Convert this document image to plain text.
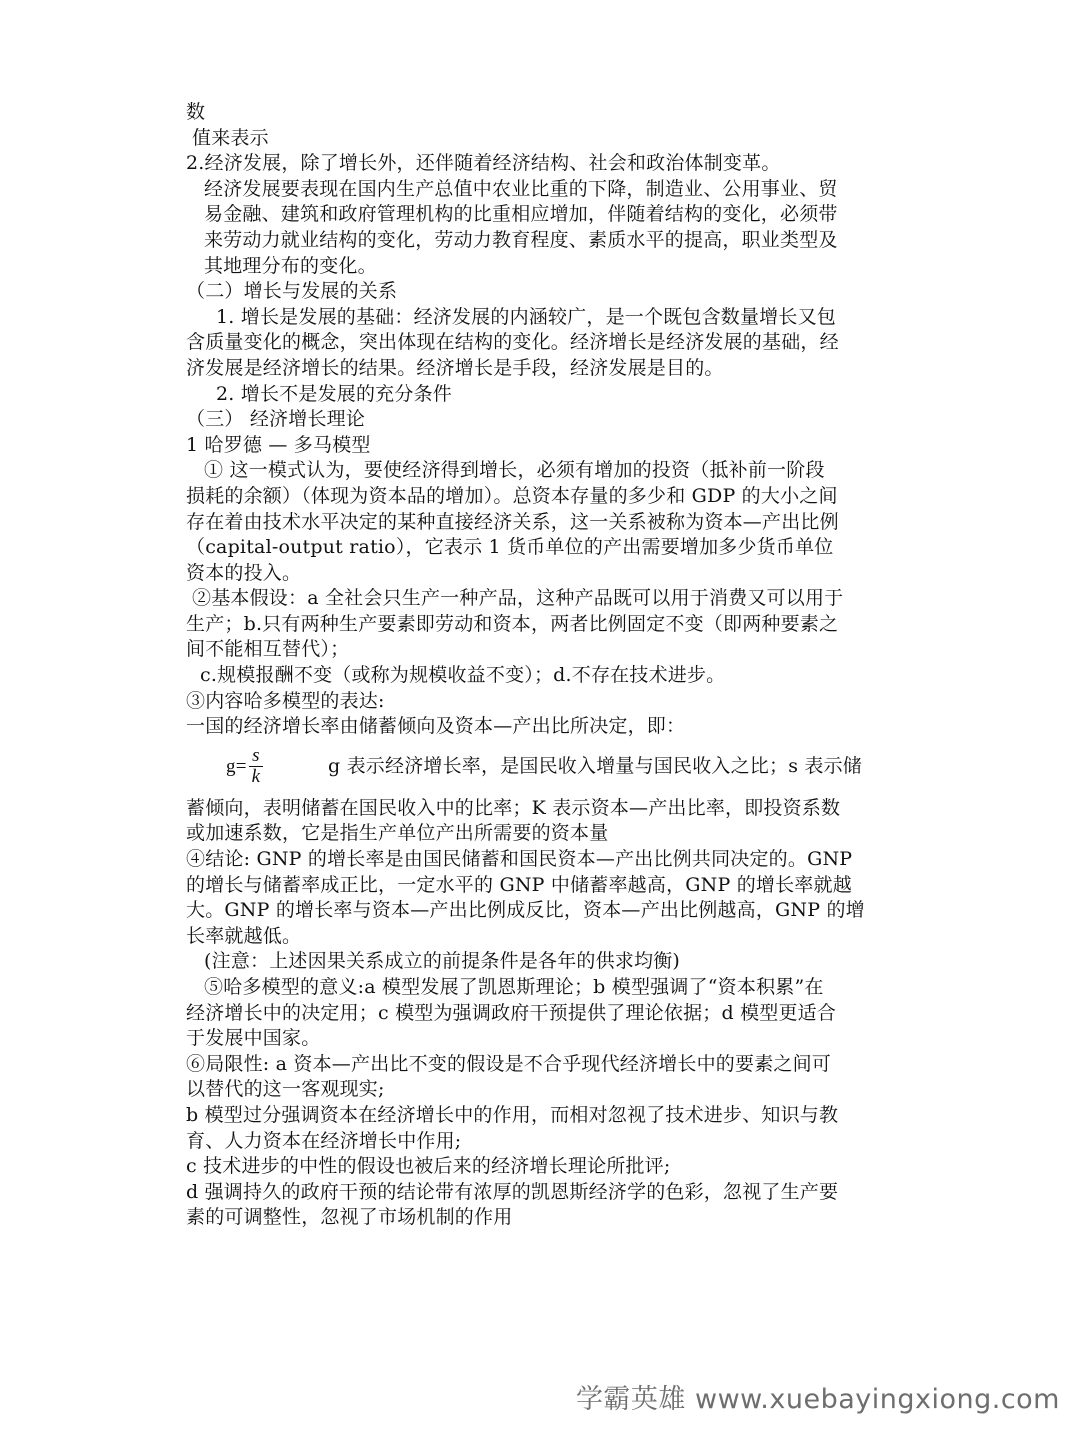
数
值来表示
2.经济发展，除了增长外，还伴随着经济结构、社会和政治体制变革。
经济发展要表现在国内生产总值中农业比重的下降，制造业、公用事业、贸
易金融、建筑和政府管理机构的比重相应增加，伴随着结构的变化，必须带
来劳动力就业结构的变化，劳动力教育程度、素质水平的提高，职业类型及
其地理分布的变化。
（二）增长与发展的关系
1. 增长是发展的基础：经济发展的内涵较广，是一个既包含数量增长又包
含质量变化的概念，突出体现在结构的变化。经济增长是经济发展的基础，经
济发展是经济增长的结果。经济增长是手段，经济发展是目的。
2. 增长不是发展的充分条件
（三） 经济增长理论
1 哈罗德 — 多马模型
① 这一模式认为，要使经济得到增长，必须有增加的投资（抵补前一阶段
损耗的余额）（体现为资本品的增加）。总资本存量的多少和 GDP 的大小之间
存在着由技术水平决定的某种直接经济关系，这一关系被称为资本—产出比例
（capital-output ratio），它表示 1 货币单位的产出需要增加多少货币单位
资本的投入。
②基本假设：a 全社会只生产一种产品，这种产品既可以用于消费又可以用于
生产；b.只有两种生产要素即劳动和资本，两者比例固定不变（即两种要素之
间不能相互替代）；
c.规模报酬不变（或称为规模收益不变）；d.不存在技术进步。
③内容哈多模型的表达:
一国的经济增长率由储蓄倾向及资本—产出比所决定，即：
$g= \frac{s}{k}$	g 表示经济增长率，是国民收入增量与国民收入之比；s 表示储
蓄倾向，表明储蓄在国民收入中的比率；K 表示资本—产出比率，即投资系数
或加速系数，它是指生产单位产出所需要的资本量
④结论: GNP 的增长率是由国民储蓄和国民资本—产出比例共同决定的。GNP
的增长与储蓄率成正比，一定水平的 GNP 中储蓄率越高，GNP 的增长率就越
大。GNP 的增长率与资本—产出比例成反比，资本—产出比例越高，GNP 的增
长率就越低。
(注意：上述因果关系成立的前提条件是各年的供求均衡)
⑤哈多模型的意义:a 模型发展了凯恩斯理论；b 模型强调了“资本积累”在
经济增长中的决定用；c 模型为强调政府干预提供了理论依据；d 模型更适合
于发展中国家。
⑥局限性: a 资本—产出比不变的假设是不合乎现代经济增长中的要素之间可
以替代的这一客观现实;
b 模型过分强调资本在经济增长中的作用，而相对忽视了技术进步、知识与教
育、人力资本在经济增长中作用;
c 技术进步的中性的假设也被后来的经济增长理论所批评;
d 强调持久的政府干预的结论带有浓厚的凯恩斯经济学的色彩，忽视了生产要
素的可调整性，忽视了市场机制的作用
学霸英雄 www.xuebayingxiong.com
